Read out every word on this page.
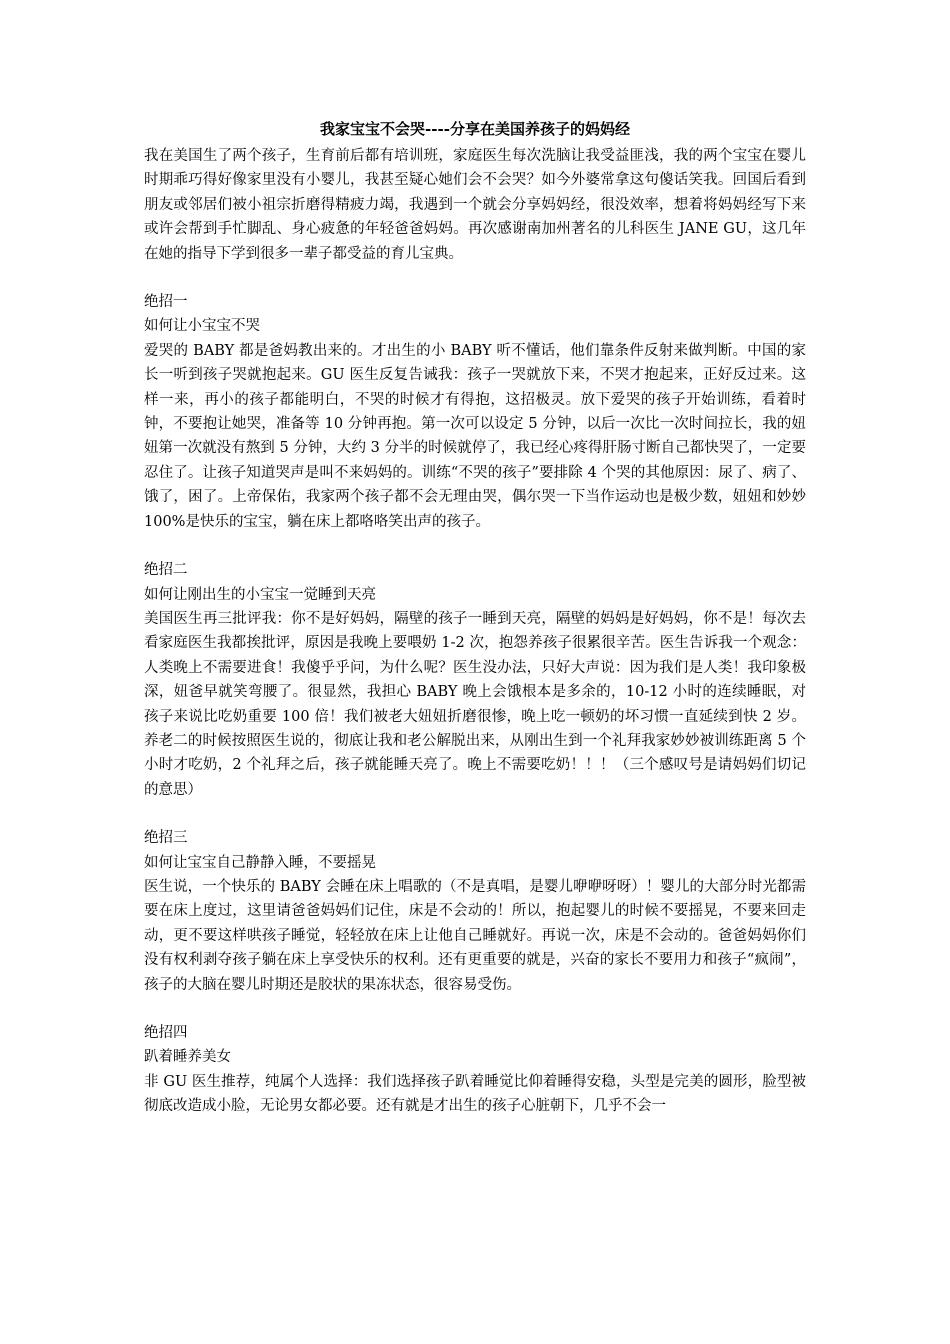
我家宝宝不会哭----分享在美国养孩子的妈妈经

我在美国生了两个孩子，生育前后都有培训班，家庭医生每次洗脑让我受益匪浅，我的两个宝宝在婴儿时期乖巧得好像家里没有小婴儿，我甚至疑心她们会不会哭？如今外婆常拿这句傻话笑我。回国后看到朋友或邻居们被小祖宗折磨得精疲力竭，我遇到一个就会分享妈妈经，很没效率，想着将妈妈经写下来或许会帮到手忙脚乱、身心疲惫的年轻爸爸妈妈。再次感谢南加州著名的儿科医生 JANE GU，这几年在她的指导下学到很多一辈子都受益的育儿宝典。

绝招一
如何让小宝宝不哭

爱哭的 BABY 都是爸妈教出来的。才出生的小 BABY 听不懂话，他们靠条件反射来做判断。中国的家长一听到孩子哭就抱起来。GU 医生反复告诫我：孩子一哭就放下来，不哭才抱起来，正好反过来。这样一来，再小的孩子都能明白，不哭的时候才有得抱，这招极灵。放下爱哭的孩子开始训练，看着时钟，不要抱让她哭，准备等 10 分钟再抱。第一次可以设定 5 分钟，以后一次比一次时间拉长，我的妞妞第一次就没有熬到 5 分钟，大约 3 分半的时候就停了，我已经心疼得肝肠寸断自己都快哭了，一定要忍住了。让孩子知道哭声是叫不来妈妈的。训练“不哭的孩子”要排除 4 个哭的其他原因：尿了、病了、饿了，困了。上帝保佑，我家两个孩子都不会无理由哭，偶尔哭一下当作运动也是极少数，妞妞和妙妙 100%是快乐的宝宝，躺在床上都咯咯笑出声的孩子。

绝招二
如何让刚出生的小宝宝一觉睡到天亮

美国医生再三批评我：你不是好妈妈，隔壁的孩子一睡到天亮，隔壁的妈妈是好妈妈，你不是！每次去看家庭医生我都挨批评，原因是我晚上要喂奶 1-2 次，抱怨养孩子很累很辛苦。医生告诉我一个观念：人类晚上不需要进食！我傻乎乎问，为什么呢？医生没办法，只好大声说：因为我们是人类！我印象极深，妞爸早就笑弯腰了。很显然，我担心 BABY 晚上会饿根本是多余的，10-12 小时的连续睡眠，对孩子来说比吃奶重要 100 倍！我们被老大妞妞折磨很惨，晚上吃一顿奶的坏习惯一直延续到快 2 岁。养老二的时候按照医生说的，彻底让我和老公解脱出来，从刚出生到一个礼拜我家妙妙被训练距离 5 个小时才吃奶，2 个礼拜之后，孩子就能睡天亮了。晚上不需要吃奶！！！（三个感叹号是请妈妈们切记的意思）

绝招三
如何让宝宝自己静静入睡，不要摇晃

医生说，一个快乐的 BABY 会睡在床上唱歌的（不是真唱，是婴儿咿咿呀呀）！婴儿的大部分时光都需要在床上度过，这里请爸爸妈妈们记住，床是不会动的！所以，抱起婴儿的时候不要摇晃，不要来回走动，更不要这样哄孩子睡觉，轻轻放在床上让他自己睡就好。再说一次，床是不会动的。爸爸妈妈你们没有权利剥夺孩子躺在床上享受快乐的权利。还有更重要的就是，兴奋的家长不要用力和孩子“疯闹”，孩子的大脑在婴儿时期还是胶状的果冻状态，很容易受伤。

绝招四
趴着睡养美女

非 GU 医生推荐，纯属个人选择：我们选择孩子趴着睡觉比仰着睡得安稳，头型是完美的圆形，脸型被彻底改造成小脸，无论男女都必要。还有就是才出生的孩子心脏朝下，几乎不会一
